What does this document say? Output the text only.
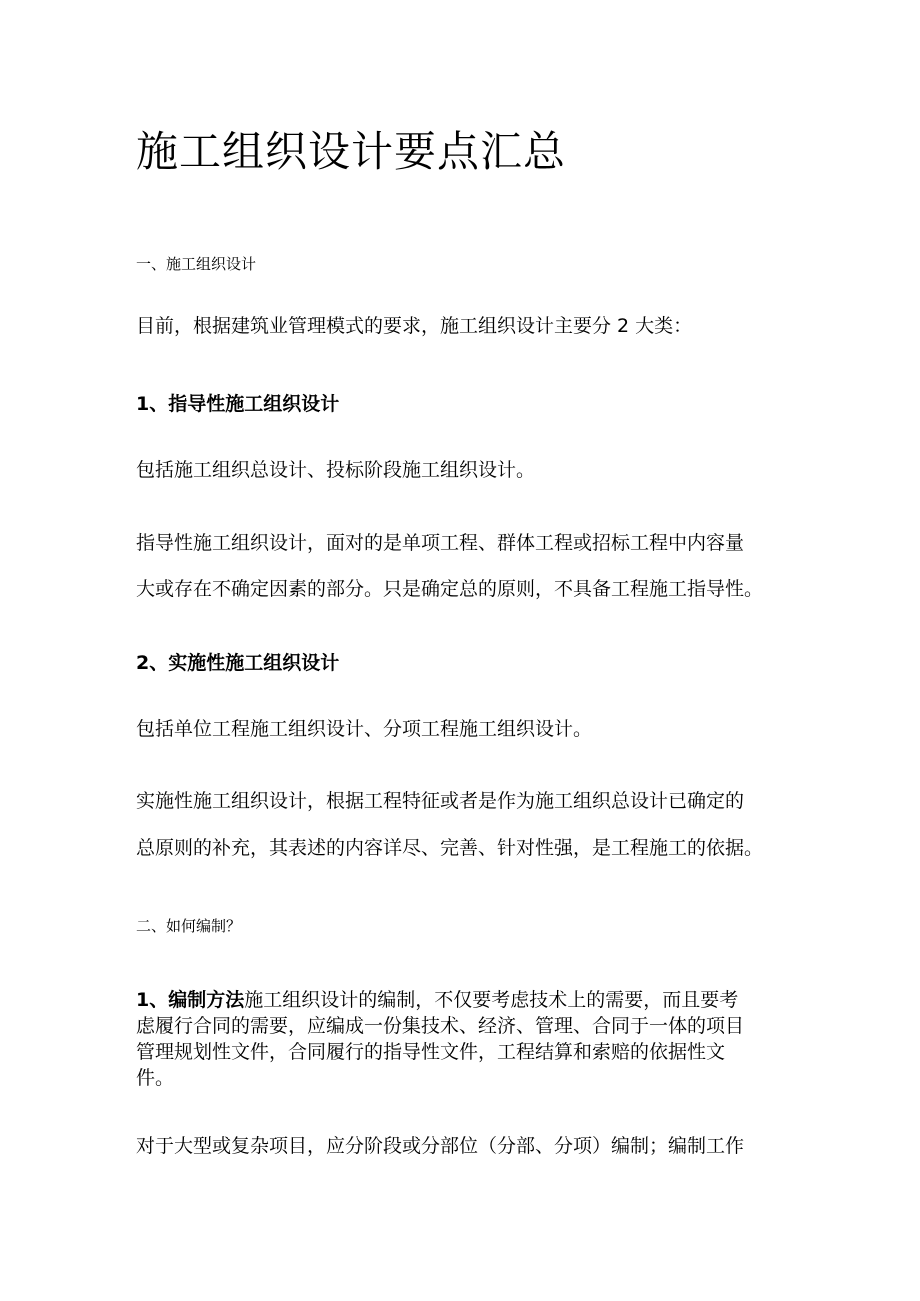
施工组织设计要点汇总
一、施工组织设计
目前，根据建筑业管理模式的要求，施工组织设计主要分 2 大类：
1、指导性施工组织设计
包括施工组织总设计、投标阶段施工组织设计。
指导性施工组织设计，面对的是单项工程、群体工程或招标工程中内容量
大或存在不确定因素的部分。只是确定总的原则，不具备工程施工指导性。
2、实施性施工组织设计
包括单位工程施工组织设计、分项工程施工组织设计。
实施性施工组织设计，根据工程特征或者是作为施工组织总设计已确定的
总原则的补充，其表述的内容详尽、完善、针对性强，是工程施工的依据。
二、如何编制？
1、编制方法施工组织设计的编制，不仅要考虑技术上的需要，而且要考
虑履行合同的需要，应编成一份集技术、经济、管理、合同于一体的项目
管理规划性文件，合同履行的指导性文件，工程结算和索赔的依据性文
件。
对于大型或复杂项目，应分阶段或分部位（分部、分项）编制；编制工作
